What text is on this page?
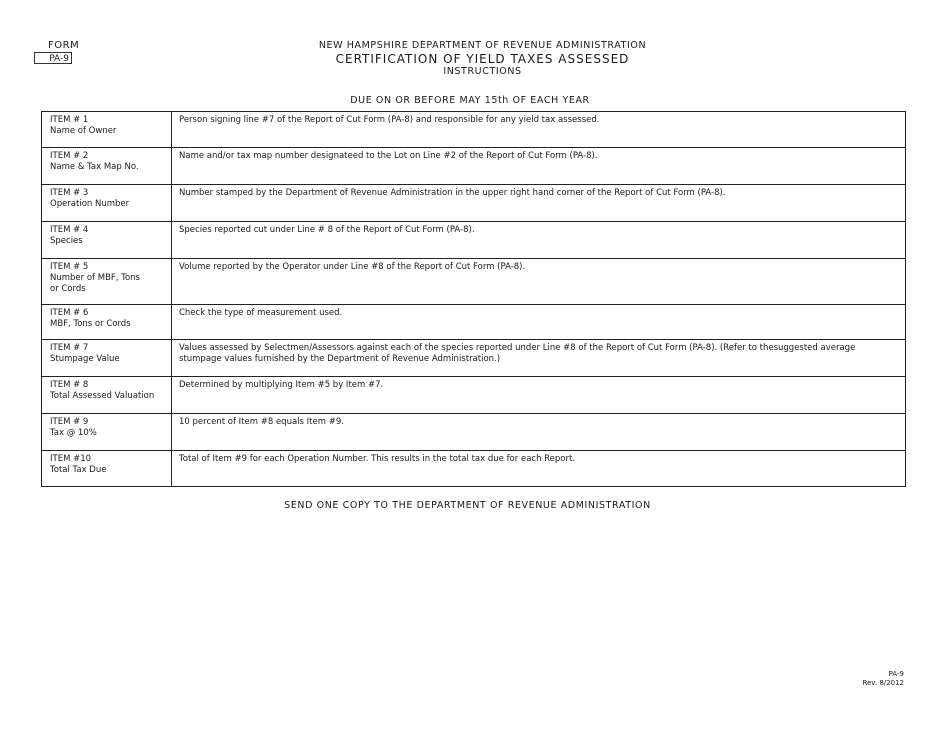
FORM
PA-9
NEW HAMPSHIRE DEPARTMENT OF REVENUE ADMINISTRATION
CERTIFICATION OF YIELD TAXES ASSESSED
INSTRUCTIONS
DUE ON OR BEFORE MAY 15th OF EACH YEAR
ITEM # 1
Name of Owner	Person signing line #7 of the Report of Cut Form (PA-8) and responsible for any yield tax assessed.

ITEM # 2
Name & Tax Map No.	Name and/or tax map number designateed to the Lot on Line #2 of the Report of Cut Form (PA-8).

ITEM # 3
Operation Number	Number stamped by the Department of Revenue Administration in the upper right hand corner of the Report of Cut Form (PA-8).

ITEM # 4
Species	Species reported cut under Line # 8 of the Report of Cut Form (PA-8).

ITEM # 5
Number of MBF, Tons or Cords	Volume reported by the Operator under Line #8 of the Report of Cut Form (PA-8).

ITEM # 6
MBF, Tons or Cords	Check the type of measurement used.

ITEM # 7
Stumpage Value	Values assessed by Selectmen/Assessors against each of the species reported under Line #8 of the Report of Cut Form (PA-8). (Refer to thesuggested average stumpage values furnished by the Department of Revenue Administration.)

ITEM # 8
Total Assessed Valuation	Determined by multiplying Item #5 by Item #7.

ITEM # 9
Tax @ 10%	10 percent of Item #8 equals Item #9.

ITEM #10
Total Tax Due	Total of Item #9 for each Operation Number. This results in the total tax due for each Report.
SEND ONE COPY TO THE DEPARTMENT OF REVENUE ADMINISTRATION
PA-9
Rev. 8/2012
